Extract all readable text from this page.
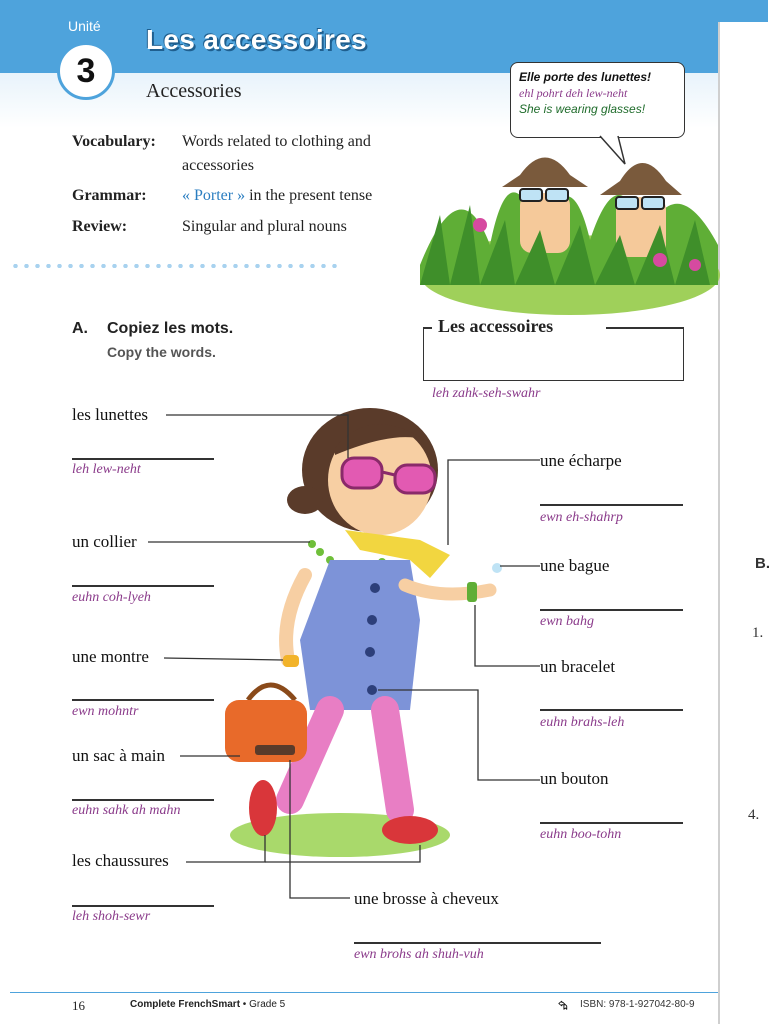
Unité
3
Les accessoires
Accessories
B.
1.
4.
Vocabulary: Words related to clothing and accessories
Grammar: « Porter » in the present tense
Review:	Singular and plural nouns
Elle porte des lunettes!
ehl pohrt deh lew-neht
She is wearing glasses!
A. Copiez les mots.
Copy the words.
Les accessoires
leh zahk-seh-swahr
les lunettes
leh lew-neht
un collier
euhn coh-lyeh
une montre
ewn mohntr
un sac à main
euhn sahk ah mahn
les chaussures
leh shoh-sewr
une écharpe
ewn eh-shahrp
une bague
ewn bahg
un bracelet
euhn brahs-leh
un bouton
euhn boo-tohn
une brosse à cheveux
ewn brohs ah shuh-vuh
16	Complete FrenchSmart • Grade 5	⮲ ISBN: 978-1-927042-80-9
